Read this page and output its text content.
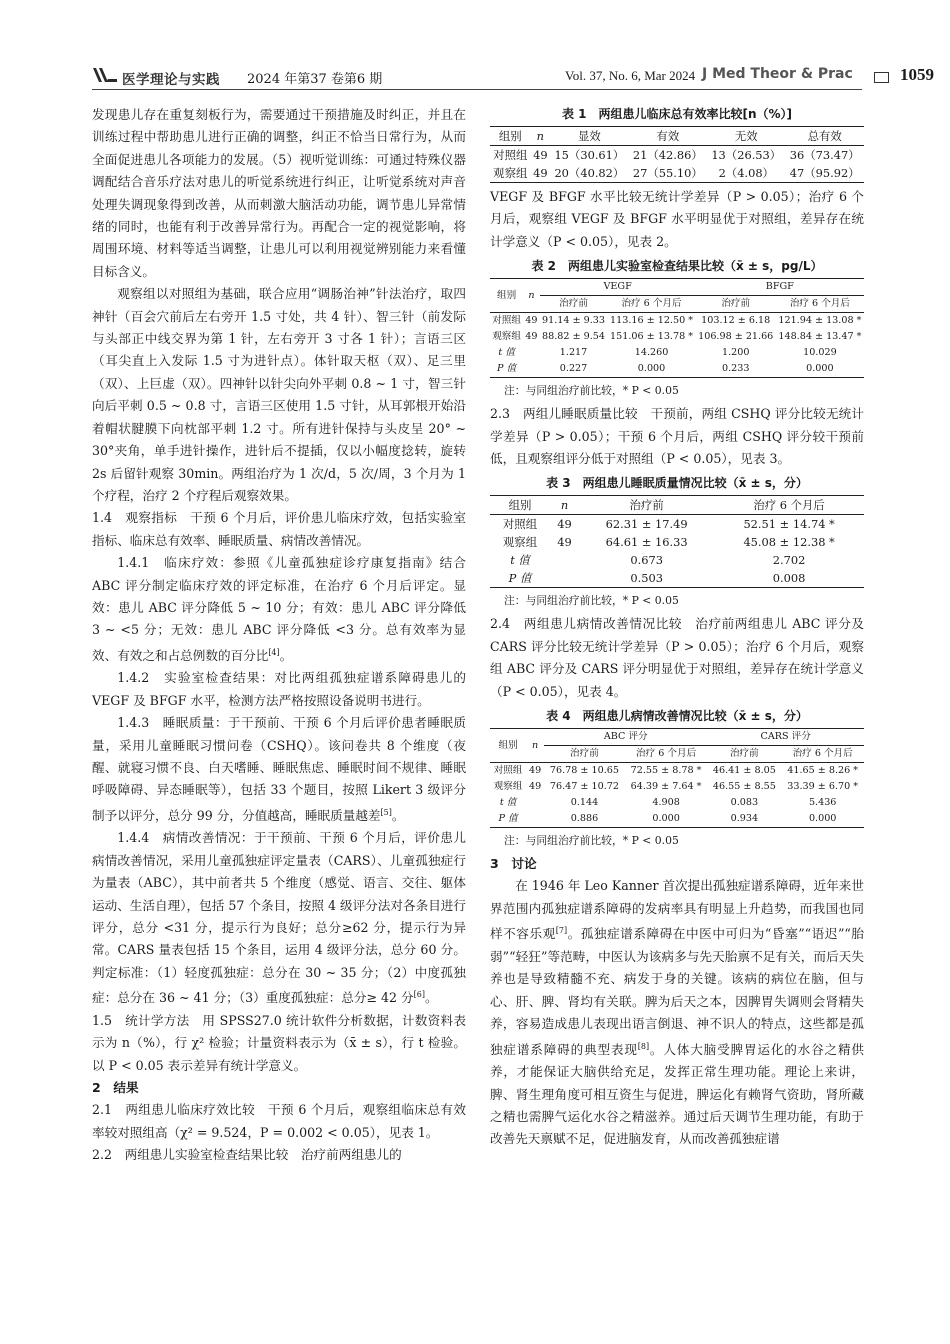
医学理论与实践 2024 年第37 卷第6 期	Vol. 37, No. 6, Mar 2024 J Med Theor & Prac	1059

发现患儿存在重复刻板行为，需要通过干预措施及时纠正，并且在训练过程中帮助患儿进行正确的调整，纠正不恰当日常行为，从而全面促进患儿各项能力的发展。（5）视听觉训练：可通过特殊仪器调配结合音乐疗法对患儿的听觉系统进行纠正，让听觉系统对声音处理失调现象得到改善，从而刺激大脑活动功能，调节患儿异常情绪的同时，也能有利于改善异常行为。再配合一定的视觉影响，将周围环境、材料等适当调整，让患儿可以利用视觉辨别能力来看懂目标含义。

观察组以对照组为基础，联合应用“调肠治神”针法治疗，取四神针（百会穴前后左右旁开 1.5 寸处，共 4 针）、智三针（前发际与头部正中线交界为第 1 针，左右旁开 3 寸各 1 针）；言语三区（耳尖直上入发际 1.5 寸为进针点）。体针取天枢（双）、足三里（双）、上巨虚（双）。四神针以针尖向外平刺 0.8 ~ 1 寸，智三针向后平刺 0.5 ~ 0.8 寸，言语三区使用 1.5 寸针，从耳郭根开始沿着帽状腱膜下向枕部平刺 1.2 寸。所有进针保持与头皮呈 20° ~ 30°夹角，单手进针操作，进针后不提插，仅以小幅度捻转，旋转 2s 后留针观察 30min。两组治疗为 1 次/d，5 次/周，3 个月为 1 个疗程，治疗 2 个疗程后观察效果。

1.4　观察指标　干预 6 个月后，评价患儿临床疗效，包括实验室指标、临床总有效率、睡眠质量、病情改善情况。

1.4.1　临床疗效：参照《儿童孤独症诊疗康复指南》结合 ABC 评分制定临床疗效的评定标准，在治疗 6 个月后评定。显效：患儿 ABC 评分降低 5 ~ 10 分；有效：患儿 ABC 评分降低 3 ~ <5 分；无效：患儿 ABC 评分降低 <3 分。总有效率为显效、有效之和占总例数的百分比[4]。

1.4.2　实验室检查结果：对比两组孤独症谱系障碍患儿的 VEGF 及 BFGF 水平，检测方法严格按照设备说明书进行。

1.4.3　睡眠质量：于干预前、干预 6 个月后评价患者睡眠质量，采用儿童睡眠习惯问卷（CSHQ）。该问卷共 8 个维度（夜醒、就寝习惯不良、白天嗜睡、睡眠焦虑、睡眠时间不规律、睡眠呼吸障碍、异态睡眠等），包括 33 个题目，按照 Likert 3 级评分制予以评分，总分 99 分，分值越高，睡眠质量越差[5]。

1.4.4　病情改善情况：于干预前、干预 6 个月后，评价患儿病情改善情况，采用儿童孤独症评定量表（CARS）、儿童孤独症行为量表（ABC），其中前者共 5 个维度（感觉、语言、交往、躯体运动、生活自理），包括 57 个条目，按照 4 级评分法对各条目进行评分，总分 <31 分，提示行为良好；总分≥62 分，提示行为异常。CARS 量表包括 15 个条目，运用 4 级评分法，总分 60 分。判定标准：（1）轻度孤独症：总分在 30 ~ 35 分；（2）中度孤独症：总分在 36 ~ 41 分；（3）重度孤独症：总分≥ 42 分[6]。

1.5　统计学方法　用 SPSS27.0 统计软件分析数据，计数资料表示为 n（%），行 χ² 检验；计量资料表示为（x̄ ± s），行 t 检验。以 P < 0.05 表示差异有统计学意义。

2　结果

2.1　两组患儿临床疗效比较　干预 6 个月后，观察组临床总有效率较对照组高（χ² = 9.524，P = 0.002 < 0.05），见表 1。

2.2　两组患儿实验室检查结果比较　治疗前两组患儿的

表 1　两组患儿临床总有效率比较[n（%）]
组别	n	显效	有效	无效	总有效
对照组	49	15（30.61）	21（42.86）	13（26.53）	36（73.47）
观察组	49	20（40.82）	27（55.10）	2（4.08）	47（95.92）

VEGF 及 BFGF 水平比较无统计学差异（P > 0.05）；治疗 6 个月后，观察组 VEGF 及 BFGF 水平明显优于对照组，差异存在统计学意义（P < 0.05），见表 2。

表 2　两组患儿实验室检查结果比较（x̄ ± s，pg/L）
组别	n	VEGF		BFGF	
		治疗前	治疗 6 个月后	治疗前	治疗 6 个月后
对照组	49	91.14 ± 9.33	113.16 ± 12.50 *	103.12 ± 6.18	121.94 ± 13.08 *
观察组	49	88.82 ± 9.54	151.06 ± 13.78 *	106.98 ± 21.66	148.84 ± 13.47 *
t 值		1.217	14.260	1.200	10.029
P 值		0.227	0.000	0.233	0.000
注：与同组治疗前比较，* P < 0.05

2.3　两组儿睡眠质量比较　干预前，两组 CSHQ 评分比较无统计学差异（P > 0.05）；干预 6 个月后，两组 CSHQ 评分较干预前低，且观察组评分低于对照组（P < 0.05），见表 3。

表 3　两组患儿睡眠质量情况比较（x̄ ± s，分）
组别	n	治疗前	治疗 6 个月后
对照组	49	62.31 ± 17.49	52.51 ± 14.74 *
观察组	49	64.61 ± 16.33	45.08 ± 12.38 *
t 值		0.673	2.702
P 值		0.503	0.008
注：与同组治疗前比较，* P < 0.05

2.4　两组患儿病情改善情况比较　治疗前两组患儿 ABC 评分及 CARS 评分比较无统计学差异（P > 0.05）；治疗 6 个月后，观察组 ABC 评分及 CARS 评分明显优于对照组，差异存在统计学意义（P < 0.05），见表 4。

表 4　两组患儿病情改善情况比较（x̄ ± s，分）
组别	n	ABC 评分		CARS 评分	
		治疗前	治疗 6 个月后	治疗前	治疗 6 个月后
对照组	49	76.78 ± 10.65	72.55 ± 8.78 *	46.41 ± 8.05	41.65 ± 8.26 *
观察组	49	76.47 ± 10.72	64.39 ± 7.64 *	46.55 ± 8.55	33.39 ± 6.70 *
t 值		0.144	4.908	0.083	5.436
P 值		0.886	0.000	0.934	0.000
注：与同组治疗前比较，* P < 0.05

3　讨论

在 1946 年 Leo Kanner 首次提出孤独症谱系障碍，近年来世界范围内孤独症谱系障碍的发病率具有明显上升趋势，而我国也同样不容乐观[7]。孤独症谱系障碍在中医中可归为“昏塞”“语迟”“胎弱”“轻狂”等范畴，中医认为该病多与先天胎禀不足有关，而后天失养也是导致精髓不充、病发于身的关键。该病的病位在脑，但与心、肝、脾、肾均有关联。脾为后天之本，因脾胃失调则会肾精失养，容易造成患儿表现出语言倒退、神不识人的特点，这些都是孤独症谱系障碍的典型表现[8]。人体大脑受脾胃运化的水谷之精供养，才能保证大脑供给充足，发挥正常生理功能。理论上来讲，脾、肾生理角度可相互资生与促进，脾运化有赖肾气资助，肾所藏之精也需脾气运化水谷之精滋养。通过后天调节生理功能，有助于改善先天禀赋不足，促进脑发育，从而改善孤独症谱
